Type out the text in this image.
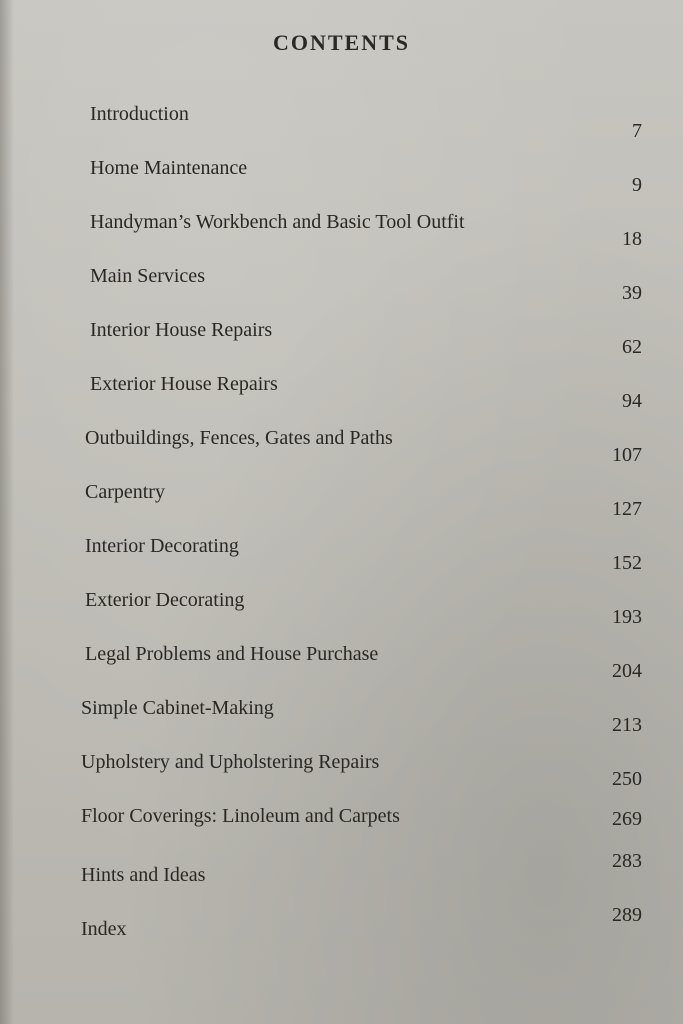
CONTENTS
Introduction
7
Home Maintenance
9
Handyman’s Workbench and Basic Tool Outfit
18
Main Services
39
Interior House Repairs
62
Exterior House Repairs
94
Outbuildings, Fences, Gates and Paths
107
Carpentry
127
Interior Decorating
152
Exterior Decorating
193
Legal Problems and House Purchase
204
Simple Cabinet-Making
213
Upholstery and Upholstering Repairs
250
Floor Coverings: Linoleum and Carpets	269
Hints and Ideas
283
Index
289
